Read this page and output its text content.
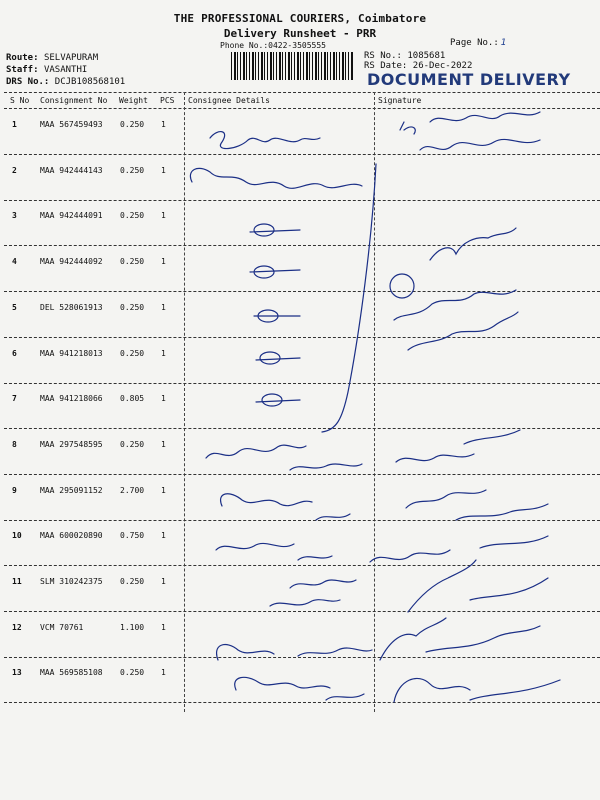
THE PROFESSIONAL COURIERS, Coimbatore
Delivery Runsheet - PRR
Phone No.:0422-3505555	Page No.: 1
Route: SELVAPURAM
Staff: VASANTHI
DRS No.: DCJB108568101
RS No.: 1085681
RS Date: 26-Dec-2022
DOCUMENT DELIVERY
S No Consignment No Weight PCS Consignee Details	Signature
1	MAA 567459493 0.250 1
2	MAA 942444143 0.250 1
3	MAA 942444091 0.250 1
4	MAA 942444092 0.250 1
5	DEL 528061913 0.250 1
6	MAA 941218013 0.250 1
7	MAA 941218066 0.805 1
8	MAA 297548595 0.250 1
9	MAA 295091152 2.700 1
10 MAA 600020890 0.750 1
11 SLM 310242375 0.250 1
12 VCM 70761	1.100 1
13 MAA 569585108 0.250 1
